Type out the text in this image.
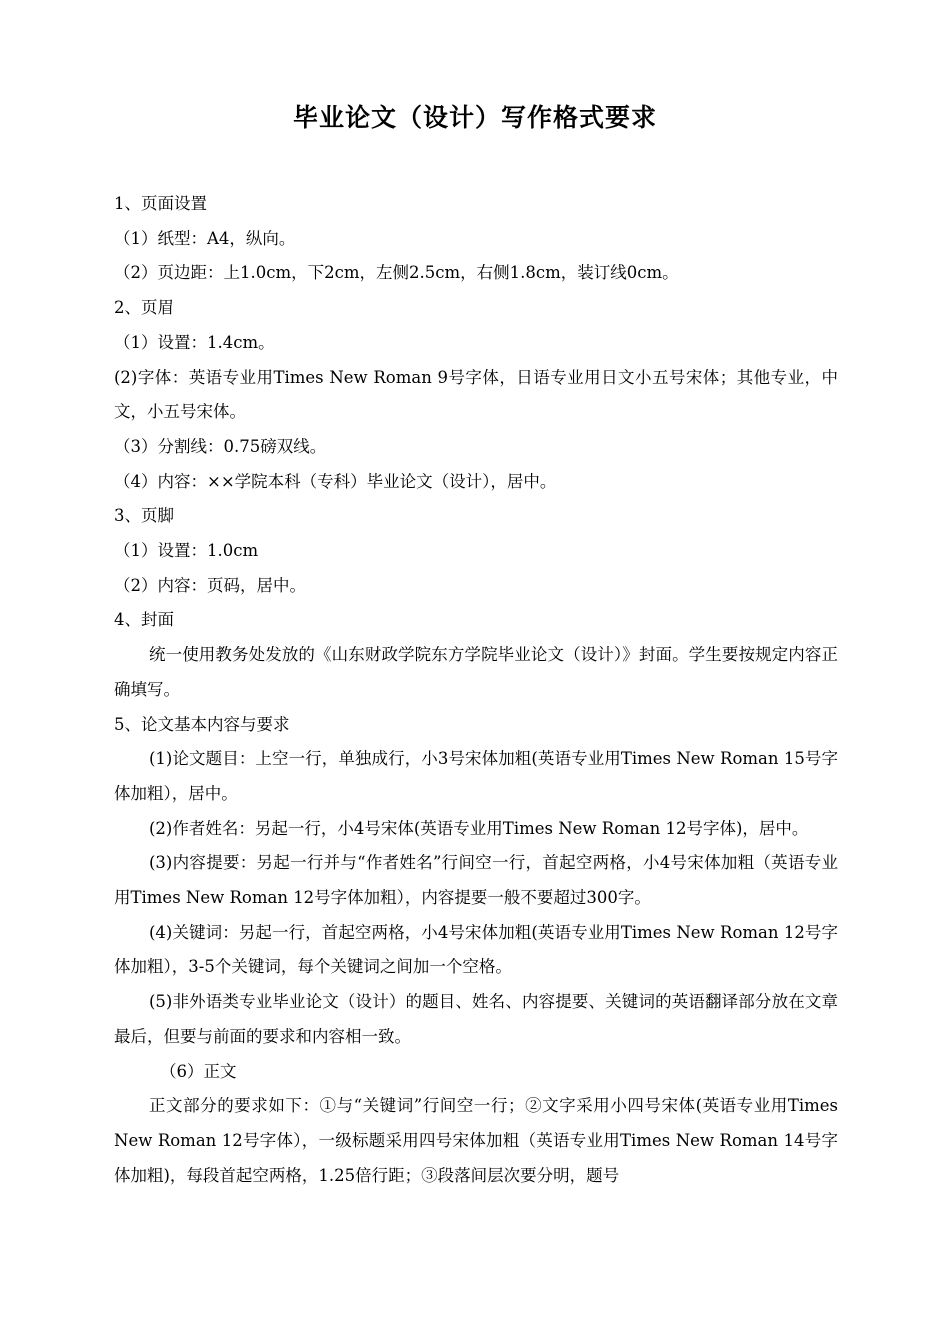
毕业论文（设计）写作格式要求

1、页面设置

（1）纸型：A4，纵向。

（2）页边距：上1.0cm，下2cm，左侧2.5cm，右侧1.8cm，装订线0cm。

2、页眉

（1）设置：1.4cm。

(2)字体：英语专业用Times New Roman 9号字体，日语专业用日文小五号宋体；其他专业，中文，小五号宋体。

（3）分割线：0.75磅双线。

（4）内容：××学院本科（专科）毕业论文（设计），居中。

3、页脚

（1）设置：1.0cm

（2）内容：页码，居中。

4、封面

统一使用教务处发放的《山东财政学院东方学院毕业论文（设计）》封面。学生要按规定内容正确填写。

5、论文基本内容与要求

(1)论文题目：上空一行，单独成行，小3号宋体加粗(英语专业用Times New Roman 15号字体加粗），居中。

(2)作者姓名：另起一行，小4号宋体(英语专业用Times New Roman 12号字体)，居中。

(3)内容提要：另起一行并与“作者姓名”行间空一行，首起空两格，小4号宋体加粗（英语专业用Times New Roman 12号字体加粗），内容提要一般不要超过300字。

(4)关键词：另起一行，首起空两格，小4号宋体加粗(英语专业用Times New Roman 12号字体加粗），3-5个关键词，每个关键词之间加一个空格。

(5)非外语类专业毕业论文（设计）的题目、姓名、内容提要、关键词的英语翻译部分放在文章最后，但要与前面的要求和内容相一致。

（6）正文

正文部分的要求如下：①与“关键词”行间空一行；②文字采用小四号宋体(英语专业用Times New Roman 12号字体），一级标题采用四号宋体加粗（英语专业用Times New Roman 14号字体加粗)，每段首起空两格，1.25倍行距；③段落间层次要分明，题号
